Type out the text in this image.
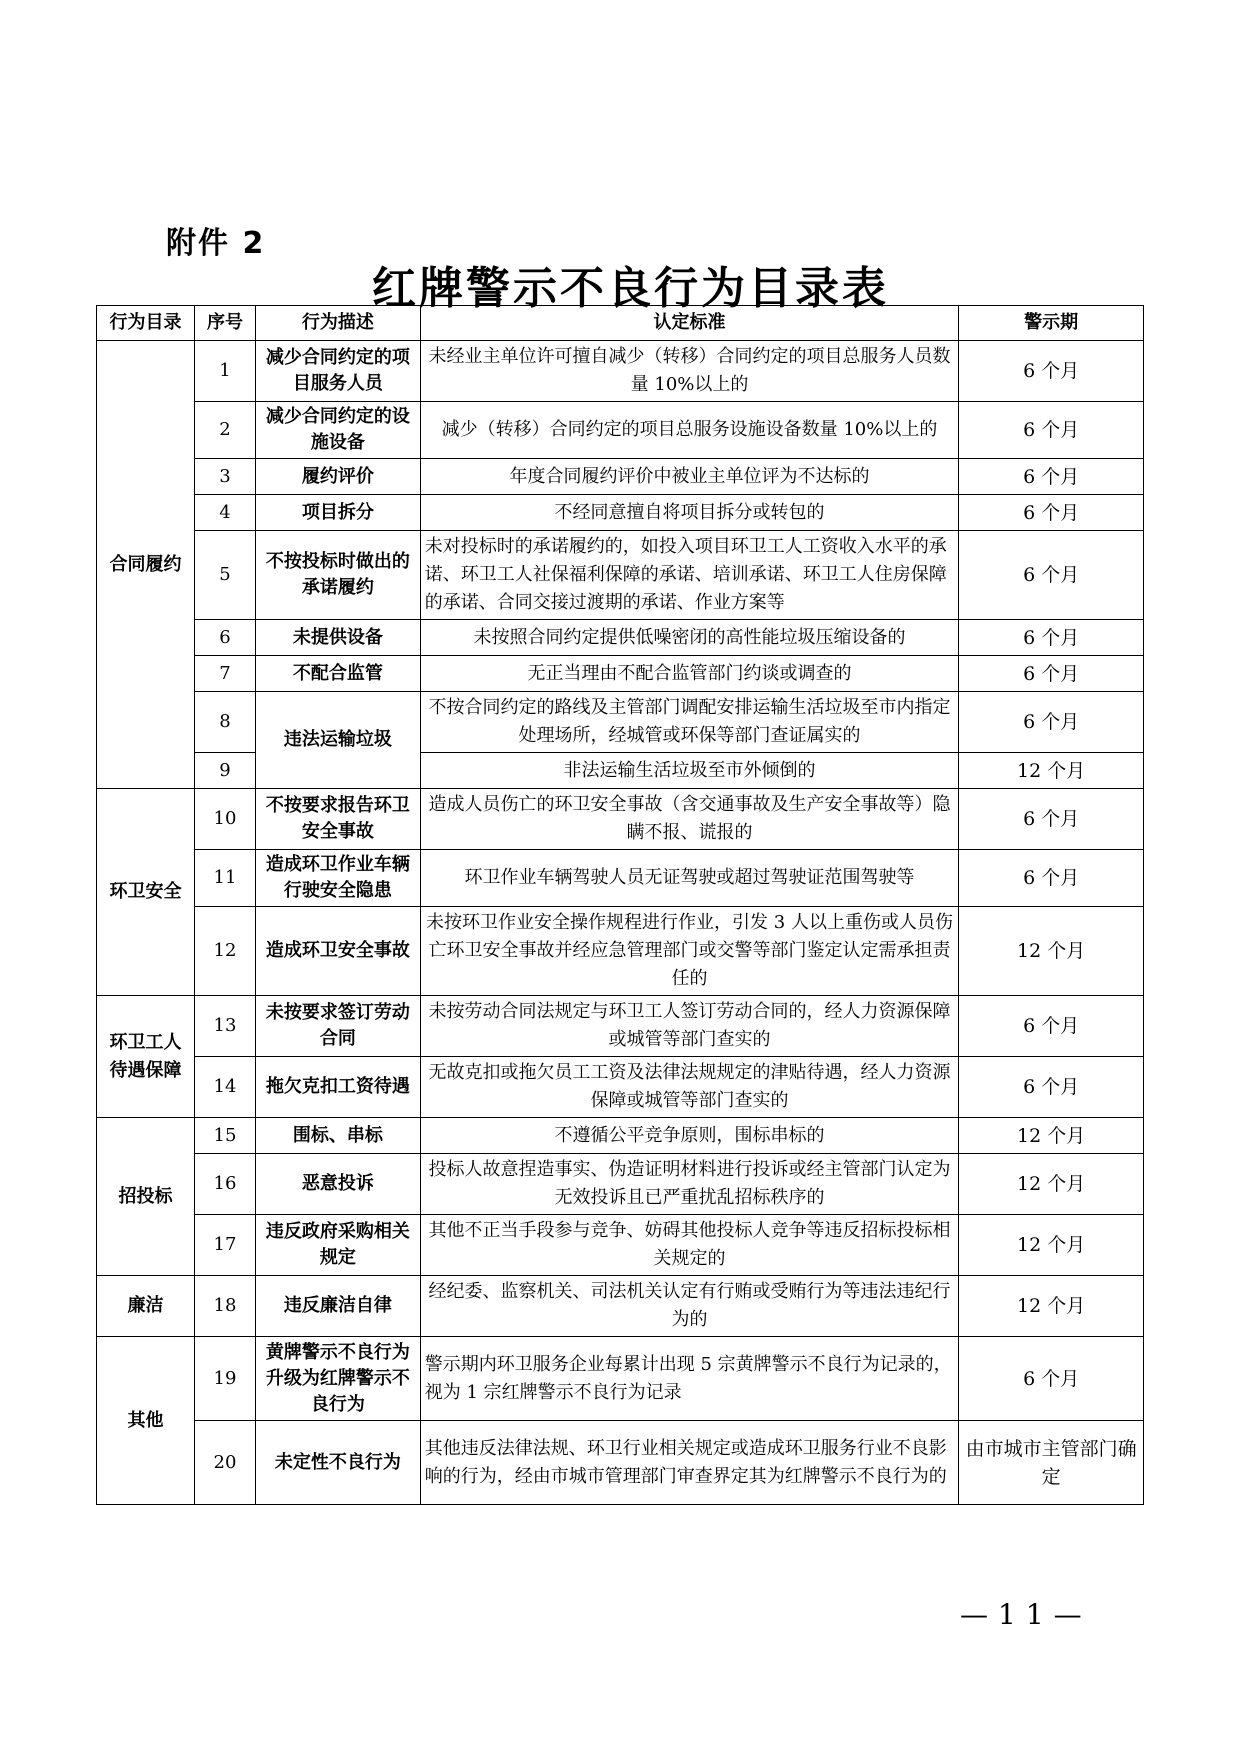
附件 2
红牌警示不良行为目录表
行为目录	序号	行为描述	认定标准	警示期
合同履约	1	减少合同约定的项目服务人员	未经业主单位许可擅自减少（转移）合同约定的项目总服务人员数量 10%以上的	6 个月
	2	减少合同约定的设施设备	减少（转移）合同约定的项目总服务设施设备数量 10%以上的	6 个月
	3	履约评价	年度合同履约评价中被业主单位评为不达标的	6 个月
	4	项目拆分	不经同意擅自将项目拆分或转包的	6 个月
	5	不按投标时做出的承诺履约	未对投标时的承诺履约的，如投入项目环卫工人工资收入水平的承诺、环卫工人社保福利保障的承诺、培训承诺、环卫工人住房保障的承诺、合同交接过渡期的承诺、作业方案等	6 个月
	6	未提供设备	未按照合同约定提供低噪密闭的高性能垃圾压缩设备的	6 个月
	7	不配合监管	无正当理由不配合监管部门约谈或调查的	6 个月
	8	违法运输垃圾	不按合同约定的路线及主管部门调配安排运输生活垃圾至市内指定处理场所，经城管或环保等部门查证属实的	6 个月
	9		非法运输生活垃圾至市外倾倒的	12 个月
环卫安全	10	不按要求报告环卫安全事故	造成人员伤亡的环卫安全事故（含交通事故及生产安全事故等）隐瞒不报、谎报的	6 个月
	11	造成环卫作业车辆行驶安全隐患	环卫作业车辆驾驶人员无证驾驶或超过驾驶证范围驾驶等	6 个月
	12	造成环卫安全事故	未按环卫作业安全操作规程进行作业，引发 3 人以上重伤或人员伤亡环卫安全事故并经应急管理部门或交警等部门鉴定认定需承担责任的	12 个月
环卫工人待遇保障	13	未按要求签订劳动合同	未按劳动合同法规定与环卫工人签订劳动合同的，经人力资源保障或城管等部门查实的	6 个月
	14	拖欠克扣工资待遇	无故克扣或拖欠员工工资及法律法规规定的津贴待遇，经人力资源保障或城管等部门查实的	6 个月
招投标	15	围标、串标	不遵循公平竞争原则，围标串标的	12 个月
	16	恶意投诉	投标人故意捏造事实、伪造证明材料进行投诉或经主管部门认定为无效投诉且已严重扰乱招标秩序的	12 个月
	17	违反政府采购相关规定	其他不正当手段参与竞争、妨碍其他投标人竞争等违反招标投标相关规定的	12 个月
廉洁	18	违反廉洁自律	经纪委、监察机关、司法机关认定有行贿或受贿行为等违法违纪行为的	12 个月
其他	19	黄牌警示不良行为升级为红牌警示不良行为	警示期内环卫服务企业每累计出现 5 宗黄牌警示不良行为记录的，视为 1 宗红牌警示不良行为记录	6 个月
	20	未定性不良行为	其他违反法律法规、环卫行业相关规定或造成环卫服务行业不良影响的行为，经由市城市管理部门审查界定其为红牌警示不良行为的	由市城市主管部门确定
—11—
